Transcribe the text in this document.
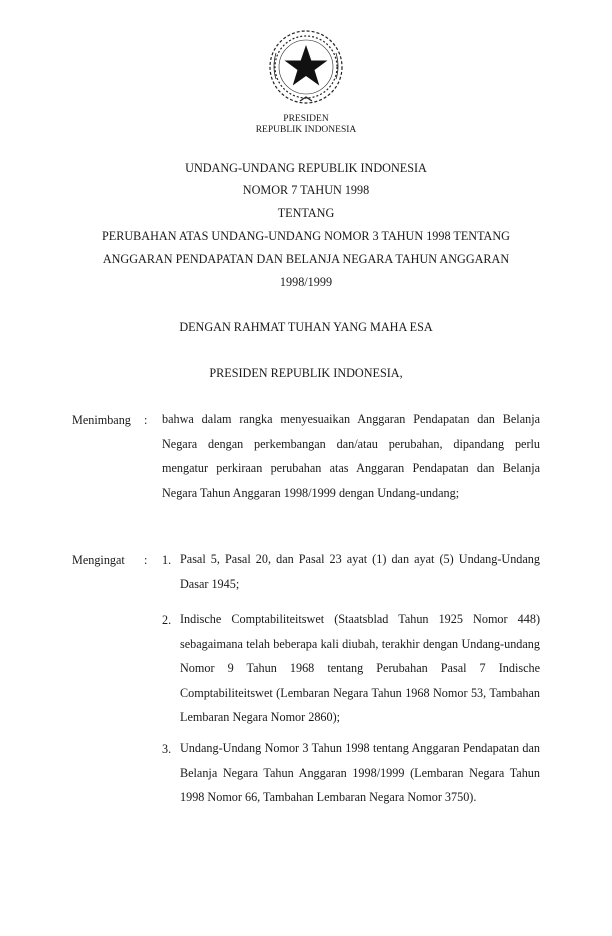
PRESIDEN
REPUBLIK INDONESIA
UNDANG-UNDANG REPUBLIK INDONESIA
NOMOR 7 TAHUN 1998
TENTANG
PERUBAHAN ATAS UNDANG-UNDANG NOMOR 3 TAHUN 1998 TENTANG
ANGGARAN PENDAPATAN DAN BELANJA NEGARA TAHUN ANGGARAN
1998/1999
DENGAN RAHMAT TUHAN YANG MAHA ESA
PRESIDEN REPUBLIK INDONESIA,
Menimbang : bahwa dalam rangka menyesuaikan Anggaran Pendapatan dan Belanja Negara dengan perkembangan dan/atau perubahan, dipandang perlu mengatur perkiraan perubahan atas Anggaran Pendapatan dan Belanja Negara Tahun Anggaran 1998/1999 dengan Undang-undang;
Mengingat : 1. Pasal 5, Pasal 20, dan Pasal 23 ayat (1) dan ayat (5) Undang-Undang Dasar 1945;
2. Indische Comptabiliteitswet (Staatsblad Tahun 1925 Nomor 448) sebagaimana telah beberapa kali diubah, terakhir dengan Undang-undang Nomor 9 Tahun 1968 tentang Perubahan Pasal 7 Indische Comptabiliteitswet (Lembaran Negara Tahun 1968 Nomor 53, Tambahan Lembaran Negara Nomor 2860);
3. Undang-Undang Nomor 3 Tahun 1998 tentang Anggaran Pendapatan dan Belanja Negara Tahun Anggaran 1998/1999 (Lembaran Negara Tahun 1998 Nomor 66, Tambahan Lembaran Negara Nomor 3750).
